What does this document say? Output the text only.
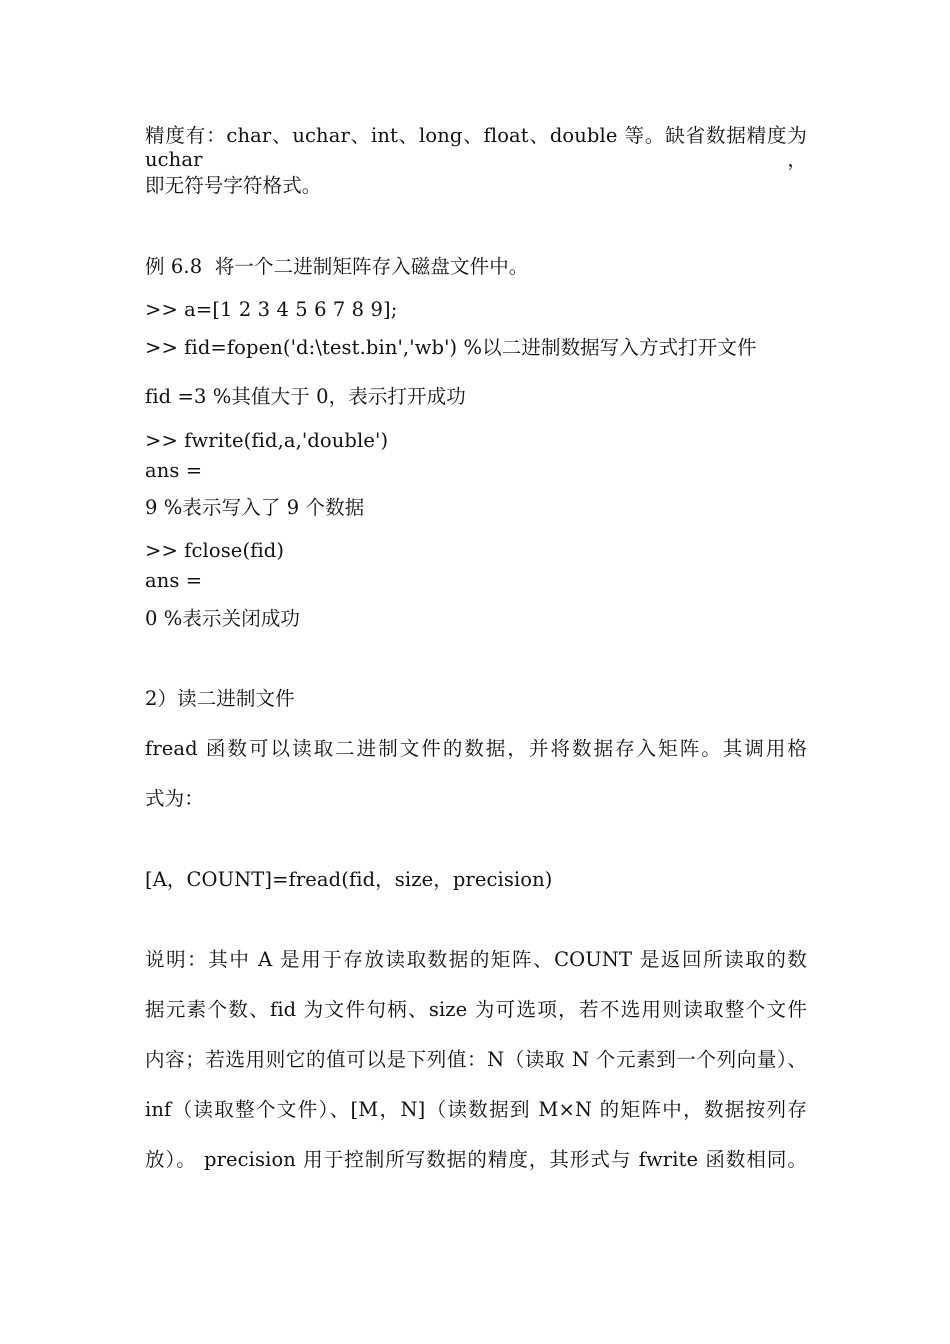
精度有：char、uchar、int、long、float、double 等。缺省数据精度为 uchar，
即无符号字符格式。
例 6.8  将一个二进制矩阵存入磁盘文件中。
>> a=[1 2 3 4 5 6 7 8 9];
>> fid=fopen('d:\test.bin','wb') %以二进制数据写入方式打开文件
fid =3 %其值大于 0，表示打开成功
>> fwrite(fid,a,'double')
ans =
9 %表示写入了 9 个数据
>> fclose(fid)
ans =
0 %表示关闭成功
2）读二进制文件
fread 函数可以读取二进制文件的数据，并将数据存入矩阵。其调用格
式为：
[A，COUNT]=fread(fid，size，precision)
说明：其中 A 是用于存放读取数据的矩阵、COUNT 是返回所读取的数
据元素个数、fid 为文件句柄、size 为可选项，若不选用则读取整个文件
内容；若选用则它的值可以是下列值：N（读取 N 个元素到一个列向量）、
inf（读取整个文件）、[M，N]（读数据到 M×N 的矩阵中，数据按列存
放）。 precision 用于控制所写数据的精度，其形式与 fwrite 函数相同。
